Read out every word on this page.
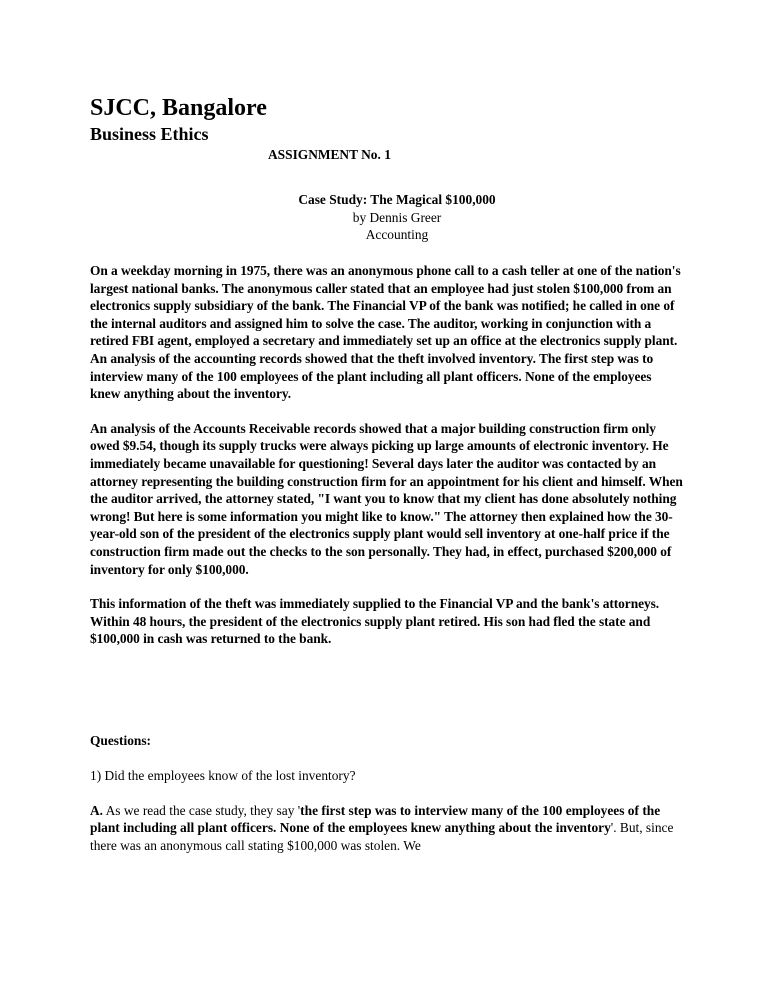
SJCC, Bangalore
Business Ethics
ASSIGNMENT No. 1
Case Study: The Magical $100,000
by Dennis Greer
Accounting

On a weekday morning in 1975, there was an anonymous phone call to a cash teller at one of the nation's largest national banks. The anonymous caller stated that an employee had just stolen $100,000 from an electronics supply subsidiary of the bank. The Financial VP of the bank was notified; he called in one of the internal auditors and assigned him to solve the case. The auditor, working in conjunction with a retired FBI agent, employed a secretary and immediately set up an office at the electronics supply plant. An analysis of the accounting records showed that the theft involved inventory. The first step was to interview many of the 100 employees of the plant including all plant officers. None of the employees knew anything about the inventory.

An analysis of the Accounts Receivable records showed that a major building construction firm only owed $9.54, though its supply trucks were always picking up large amounts of electronic inventory. He immediately became unavailable for questioning! Several days later the auditor was contacted by an attorney representing the building construction firm for an appointment for his client and himself. When the auditor arrived, the attorney stated, "I want you to know that my client has done absolutely nothing wrong! But here is some information you might like to know." The attorney then explained how the 30-year-old son of the president of the electronics supply plant would sell inventory at one-half price if the construction firm made out the checks to the son personally. They had, in effect, purchased $200,000 of inventory for only $100,000.

This information of the theft was immediately supplied to the Financial VP and the bank's attorneys. Within 48 hours, the president of the electronics supply plant retired. His son had fled the state and $100,000 in cash was returned to the bank.

Questions:
1) Did the employees know of the lost inventory?
A. As we read the case study, they say 'the first step was to interview many of the 100 employees of the plant including all plant officers. None of the employees knew anything about the inventory'. But, since there was an anonymous call stating $100,000 was stolen. We
